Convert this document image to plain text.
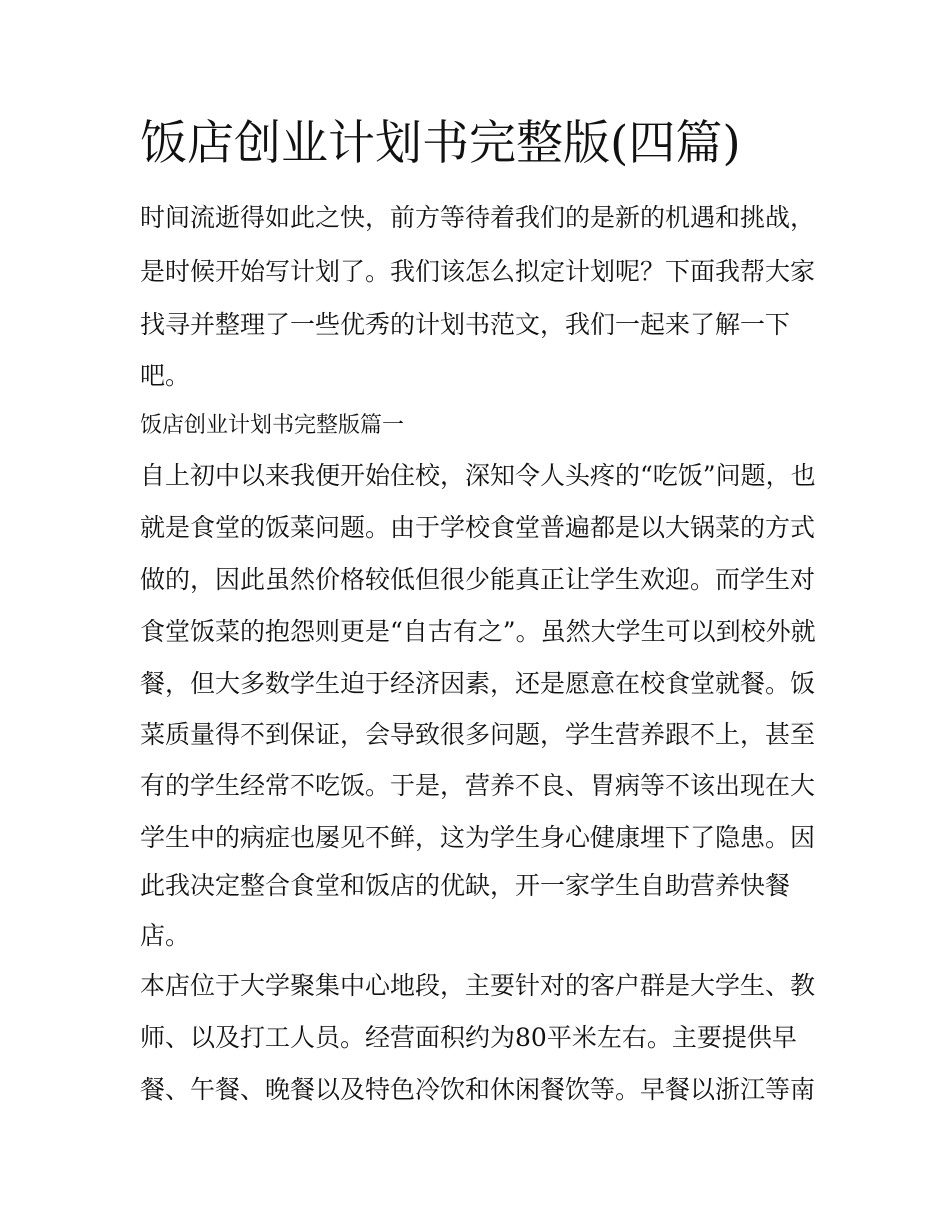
饭店创业计划书完整版(四篇)

时间流逝得如此之快，前方等待着我们的是新的机遇和挑战，

是时候开始写计划了。我们该怎么拟定计划呢？下面我帮大家

找寻并整理了一些优秀的计划书范文，我们一起来了解一下

吧。

饭店创业计划书完整版篇一

自上初中以来我便开始住校，深知令人头疼的“吃饭”问题，也

就是食堂的饭菜问题。由于学校食堂普遍都是以大锅菜的方式

做的，因此虽然价格较低但很少能真正让学生欢迎。而学生对

食堂饭菜的抱怨则更是“自古有之”。虽然大学生可以到校外就

餐，但大多数学生迫于经济因素，还是愿意在校食堂就餐。饭

菜质量得不到保证，会导致很多问题，学生营养跟不上，甚至

有的学生经常不吃饭。于是，营养不良、胃病等不该出现在大

学生中的病症也屡见不鲜，这为学生身心健康埋下了隐患。因

此我决定整合食堂和饭店的优缺，开一家学生自助营养快餐

店。

本店位于大学聚集中心地段，主要针对的客户群是大学生、教

师、以及打工人员。经营面积约为80平米左右。主要提供早

餐、午餐、晚餐以及特色冷饮和休闲餐饮等。早餐以浙江等南
